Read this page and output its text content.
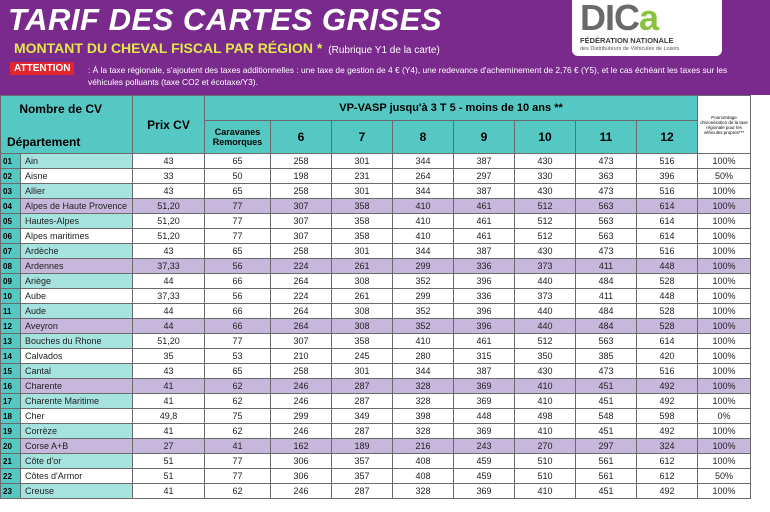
TARIF DES CARTES GRISES
MONTANT DU CHEVAL FISCAL PAR RÉGION * (Rubrique Y1 de la carte)
ATTENTION	: À la taxe régionale, s'ajoutent des taxes additionnelles : une taxe de gestion de 4 € (Y4), une redevance d'acheminement de 2,76 € (Y5), et le cas échéant les taxes sur les véhicules polluants (taxe CO2 et écotaxe/Y3).
DICa
FÉDÉRATION NATIONALE
des Distributeurs de Véhicules de Loisirs
Nombre de CV
Département		Prix CV	VP-VASP jusqu'à 3 T 5 - moins de 10 ans **								Pourcentage d'exonération de la taxe régionale pour les véhicules propres***
			Caravanes Remorques	6	7	8	9	10	11	12	
01	Ain	43	65	258	301	344	387	430	473	516	100%
02	Aisne	33	50	198	231	264	297	330	363	396	50%
03	Allier	43	65	258	301	344	387	430	473	516	100%
04	Alpes de Haute Provence	51,20	77	307	358	410	461	512	563	614	100%
05	Hautes-Alpes	51,20	77	307	358	410	461	512	563	614	100%
06	Alpes maritimes	51,20	77	307	358	410	461	512	563	614	100%
07	Ardèche	43	65	258	301	344	387	430	473	516	100%
08	Ardennes	37,33	56	224	261	299	336	373	411	448	100%
09	Ariège	44	66	264	308	352	396	440	484	528	100%
10	Aube	37,33	56	224	261	299	336	373	411	448	100%
11	Aude	44	66	264	308	352	396	440	484	528	100%
12	Aveyron	44	66	264	308	352	396	440	484	528	100%
13	Bouches du Rhone	51,20	77	307	358	410	461	512	563	614	100%
14	Calvados	35	53	210	245	280	315	350	385	420	100%
15	Cantal	43	65	258	301	344	387	430	473	516	100%
16	Charente	41	62	246	287	328	369	410	451	492	100%
17	Charente Maritime	41	62	246	287	328	369	410	451	492	100%
18	Cher	49,8	75	299	349	398	448	498	548	598	0%
19	Corrèze	41	62	246	287	328	369	410	451	492	100%
20	Corse A+B	27	41	162	189	216	243	270	297	324	100%
21	Côte d'or	51	77	306	357	408	459	510	561	612	100%
22	Côtes d'Armor	51	77	306	357	408	459	510	561	612	50%
23	Creuse	41	62	246	287	328	369	410	451	492	100%
